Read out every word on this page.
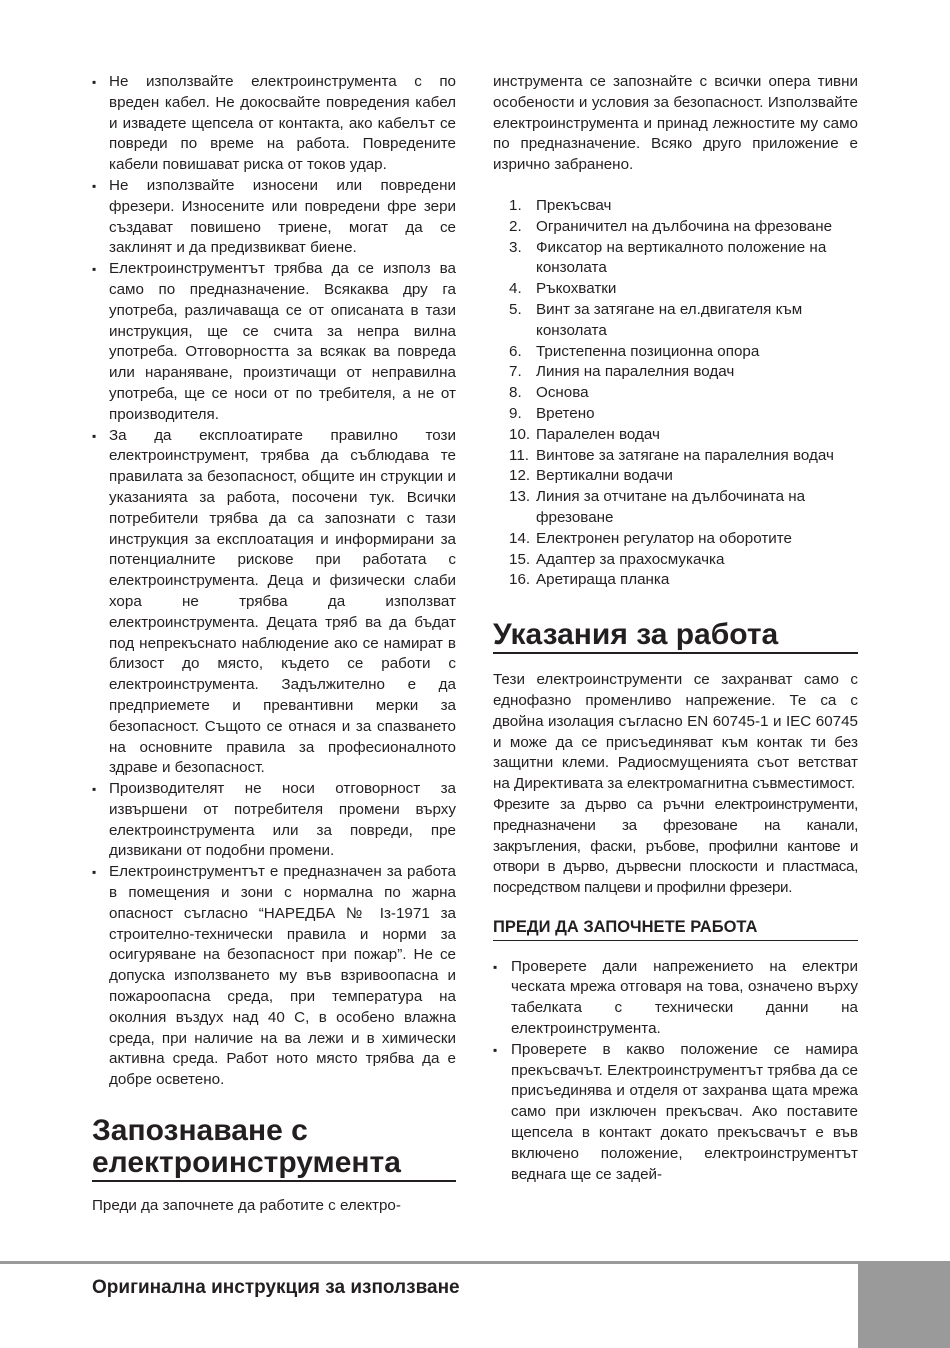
▪ Не използвайте електроинструмента с по вреден кабел. Не докосвайте повредения кабел и извадете щепсела от контакта, ако кабелът се повреди по време на работа. Повредените кабели повишават риска от токов удар.
▪ Не използвайте износени или повредени фрезери. Износените или повредени фре зери създават повишено триене, могат да се заклинят и да предизвикват биене.
▪ Електроинструментът трябва да се използ ва само по предназначение. Всякаква дру га употреба, различаваща се от описаната в тази инструкция, ще се счита за непра вилна употреба. Отговорността за всякак ва повреда или нараняване, произтичащи от неправилна употреба, ще се носи от по требителя, а не от производителя.
▪ За да експлоатирате правилно този електроинструмент, трябва да съблюдава те правилата за безопасност, общите ин струкции и указанията за работа, посочени тук. Всички потребители трябва да са запознати с тази инструкция за експлоатация и информирани за потенциалните рискове при работата с електроинструмента. Деца и физически слаби хора не трябва да използват електроинструмента. Децата тряб ва да бъдат под непрекъснато наблюдение ако се намират в близост до място, където се работи с електроинструмента. Задължително е да предприемете и превантивни мерки за безопасност. Същото се отнася и за спазването на основните правила за професионалното здраве и безопасност.
▪ Производителят не носи отговорност за извършени от потребителя промени върху електроинструмента или за повреди, пре дизвикани от подобни промени.
▪ Електроинструментът е предназначен за работа в помещения и зони с нормална по жарна опасност съгласно “НАРЕДБА № Із-1971 за строително-технически правила и норми за осигуряване на безопасност при пожар”. Не се допуска използването му във взривоопасна и пожароопасна среда, при температура на околния въздух над 40 С, в особено влажна среда, при наличие на ва лежи и в химически активна среда. Работ ното място трябва да е добре осветено.
Запознаване с електроинструмента

Преди да започнете да работите с електро-

инструмента се запознайте с всички опера тивни особености и условия за безопасност. Използвайте електроинструмента и принад лежностите му само по предназначение. Всяко друго приложение е изрично забранено.

1. Прекъсвач
2. Ограничител на дълбочина на фрезоване
3. Фиксатор на вертикалното положение на конзолата
4. Ръкохватки
5. Винт за затягане на ел.двигателя към конзолата
6. Тристепенна позиционна опора
7. Линия на паралелния водач
8. Основа
9. Вретено
10. Паралелен водач
11. Винтове за затягане на паралелния водач
12. Вертикални водачи
13. Линия за отчитане на дълбочината на фрезоване
14. Електронен регулатор на оборотите
15. Адаптер за прахосмукачка
16. Аретираща планка
Указания за работа

Тези електроинструменти се захранват само с еднофазно променливо напрежение. Те са с двойна изолация съгласно EN 60745-1 и IEC 60745 и може да се присъединяват към контак ти без защитни клеми. Радиосмущенията съот ветстват на Директивата за електромагнитна съвместимост.

Фрезите за дърво са ръчни електроинструменти, предназначени за фрезоване на канали, закръгления, фаски, ръбове, профилни кантове и отвори в дърво, дървесни плоскости и пластмаса, посредством палцеви и профилни фрезери.

ПРЕДИ ДА ЗАПОЧНЕТЕ РАБОТА
▪ Проверете дали напрежението на електри ческата мрежа отговаря на това, означено върху табелката с технически данни на електроинструмента.
▪ Проверете в какво положение се намира прекъсвачът. Електроинструментът трябва да се присъединява и отделя от захранва щата мрежа само при изключен прекъсвач. Ако поставите щепсела в контакт докато прекъсвачът е във включено положение, електроинструментът веднага ще се задей-
Оригинална инструкция за използване
